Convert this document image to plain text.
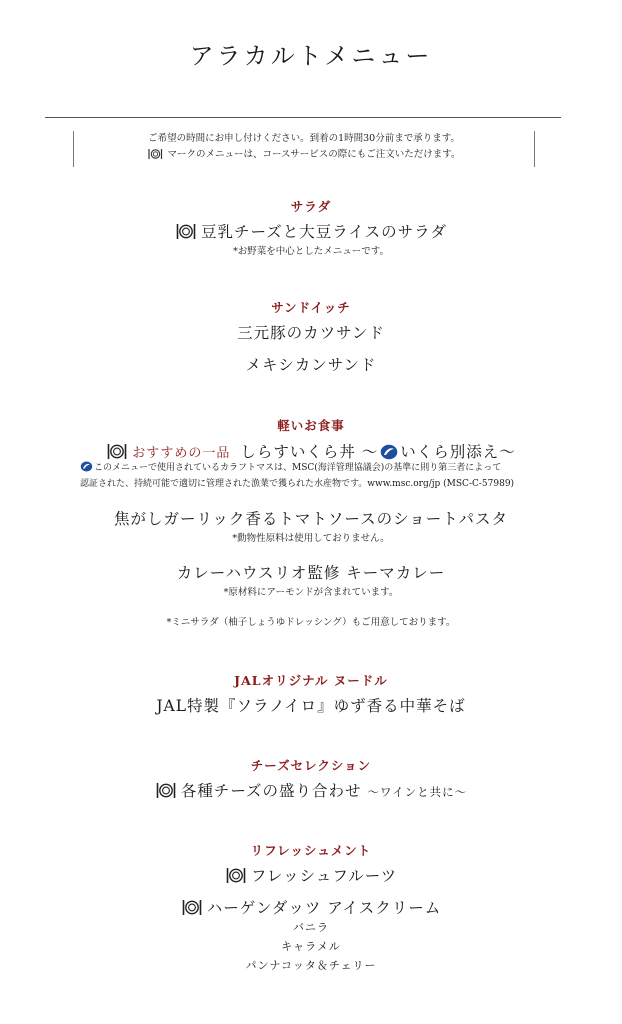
アラカルトメニュー
ご希望の時間にお申し付けください。到着の1時間30分前まで承ります。
マークのメニューは、コースサービスの際にもご注文いただけます。
サラダ
豆乳チーズと大豆ライスのサラダ
*お野菜を中心としたメニューです。
サンドイッチ
三元豚のカツサンド
メキシカンサンド
軽いお食事
おすすめの一品 しらすいくら丼 ～ いくら別添え～
このメニューで使用されているカラフトマスは、MSC(海洋管理協議会)の基準に則り第三者によって
認証された、持続可能で適切に管理された漁業で獲られた水産物です。www.msc.org/jp (MSC-C-57989)
焦がしガーリック香るトマトソースのショートパスタ
*動物性原料は使用しておりません。
カレーハウスリオ監修 キーマカレー
*原材料にアーモンドが含まれています。
*ミニサラダ（柚子しょうゆドレッシング）もご用意しております。
JALオリジナル ヌードル
JAL特製『ソラノイロ』ゆず香る中華そば
チーズセレクション
各種チーズの盛り合わせ ～ワインと共に～
リフレッシュメント
フレッシュフルーツ
ハーゲンダッツ アイスクリーム
バニラ
キャラメル
パンナコッタ＆チェリー
